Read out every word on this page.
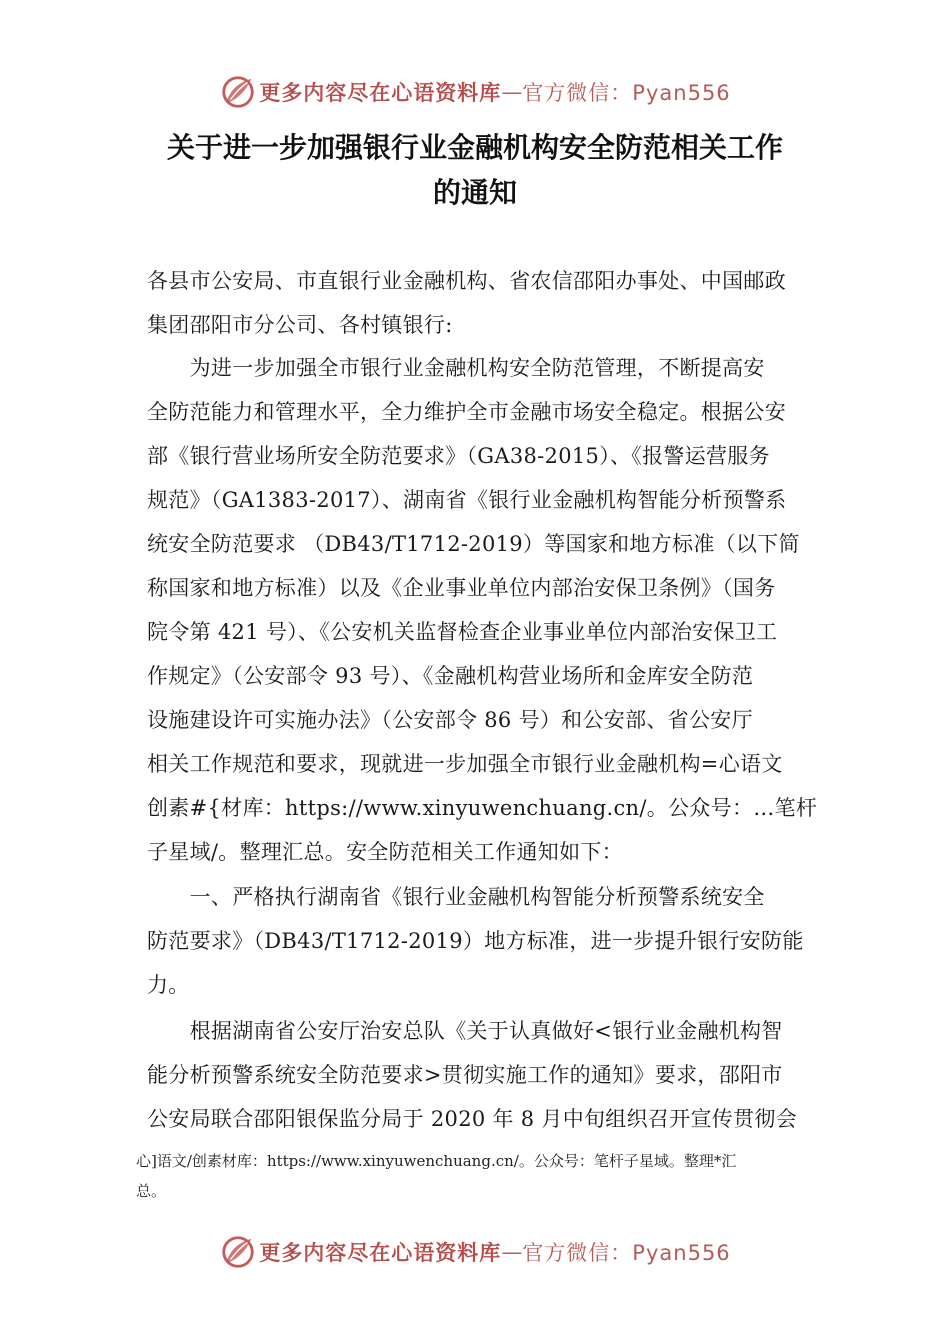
更多内容尽在心语资料库 — 官方微信：Pyan556
关于进一步加强银行业金融机构安全防范相关工作
的通知
各县市公安局、市直银行业金融机构、省农信邵阳办事处、中国邮政
集团邵阳市分公司、各村镇银行:
　　为进一步加强全市银行业金融机构安全防范管理，不断提高安
全防范能力和管理水平，全力维护全市金融市场安全稳定。根据公安
部《银行营业场所安全防范要求》（GA38-2015）、《报警运营服务
规范》（GA1383-2017）、湖南省《银行业金融机构智能分析预警系
统安全防范要求 （DB43/T1712-2019）等国家和地方标准（以下简
称国家和地方标准）以及《企业事业单位内部治安保卫条例》（国务
院令第 421 号）、《公安机关监督检查企业事业单位内部治安保卫工
作规定》（公安部令 93 号）、《金融机构营业场所和金库安全防范
设施建设许可实施办法》（公安部令 86 号）和公安部、省公安厅
相关工作规范和要求，现就进一步加强全市银行业金融机构=心语文
创素#{材库：https://www.xinyuwenchuang.cn/。公众号：…笔杆
子星域/。整理汇总。安全防范相关工作通知如下：
　　一、严格执行湖南省《银行业金融机构智能分析预警系统安全
防范要求》（DB43/T1712-2019）地方标准，进一步提升银行安防能
力。
　　根据湖南省公安厅治安总队《关于认真做好<银行业金融机构智
能分析预警系统安全防范要求>贯彻实施工作的通知》要求，邵阳市
公安局联合邵阳银保监分局于 2020 年 8 月中旬组织召开宣传贯彻会
心]语文/创素材库：https://www.xinyuwenchuang.cn/。公众号：笔杆子星域。整理*汇
总。
更多内容尽在心语资料库 — 官方微信：Pyan556
